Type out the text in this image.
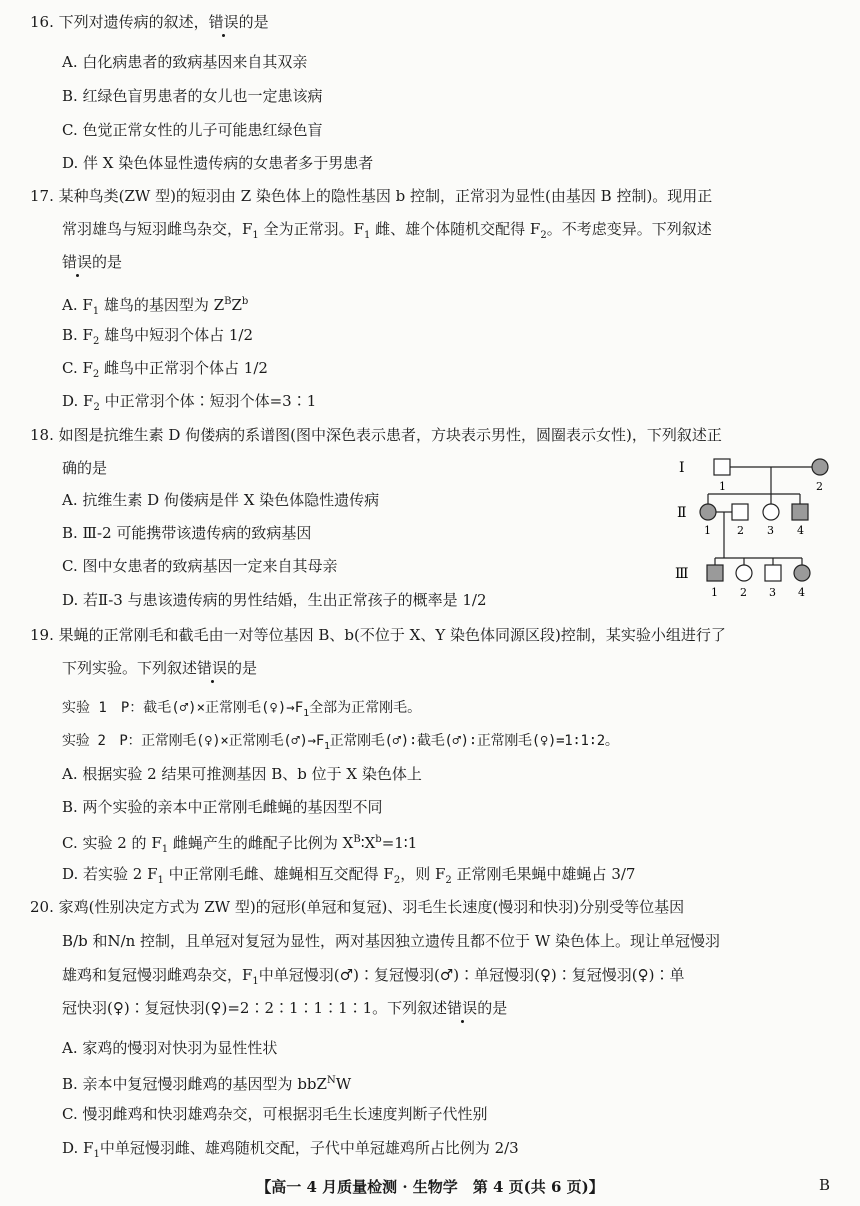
16. 下列对遗传病的叙述，错误的是
A. 白化病患者的致病基因来自其双亲
B. 红绿色盲男患者的女儿也一定患该病
C. 色觉正常女性的儿子可能患红绿色盲
D. 伴 X 染色体显性遗传病的女患者多于男患者
17. 某种鸟类(ZW 型)的短羽由 Z 染色体上的隐性基因 b 控制，正常羽为显性(由基因 B 控制)。现用正
常羽雄鸟与短羽雌鸟杂交，$F_1$ 全为正常羽。$F_1$ 雌、雄个体随机交配得 $F_2$。不考虑变异。下列叙述
错误的是
A. $F_1$ 雄鸟的基因型为 $Z^BZ^b$
B. $F_2$ 雄鸟中短羽个体占 1/2
C. $F_2$ 雌鸟中正常羽个体占 1/2
D. $F_2$ 中正常羽个体∶短羽个体=3∶1
18. 如图是抗维生素 D 佝偻病的系谱图(图中深色表示患者，方块表示男性，圆圈表示女性)，下列叙述正
确的是
A. 抗维生素 D 佝偻病是伴 X 染色体隐性遗传病
B. Ⅲ-2 可能携带该遗传病的致病基因
C. 图中女患者的致病基因一定来自其母亲
D. 若Ⅱ-3 与患该遗传病的男性结婚，生出正常孩子的概率是 1/2
Ⅰ
Ⅱ
Ⅲ
1	2
1 2 3 4
1 2 3 4
19. 果蝇的正常刚毛和截毛由一对等位基因 B、b(不位于 X、Y 染色体同源区段)控制，某实验小组进行了
下列实验。下列叙述错误的是
实验 1　P：截毛(♂)×正常刚毛$(♀)\to F_1$全部为正常刚毛。
实验 2　P：正常刚毛(♀)×正常刚毛$(♂)\to F_1$正常刚毛(♂)∶截毛(♂)∶正常刚毛(♀)=1∶1∶2。
A. 根据实验 2 结果可推测基因 B、b 位于 X 染色体上
B. 两个实验的亲本中正常刚毛雌蝇的基因型不同
C. 实验 2 的 $F_1$ 雌蝇产生的雌配子比例为 $X^B∶X^b=1∶1$
D. 若实验 2 $F_1$ 中正常刚毛雌、雄蝇相互交配得 $F_2$，则 $F_2$ 正常刚毛果蝇中雄蝇占 3/7
20. 家鸡(性别决定方式为 ZW 型)的冠形(单冠和复冠)、羽毛生长速度(慢羽和快羽)分别受等位基因
B/b 和N/n 控制，且单冠对复冠为显性，两对基因独立遗传且都不位于 W 染色体上。现让单冠慢羽
雄鸡和复冠慢羽雌鸡杂交，$F_1$中单冠慢羽(♂)∶复冠慢羽(♂)∶单冠慢羽(♀)∶复冠慢羽(♀)∶单
冠快羽(♀)∶复冠快羽(♀)=2∶2∶1∶1∶1∶1。下列叙述错误的是
A. 家鸡的慢羽对快羽为显性性状
B. 亲本中复冠慢羽雌鸡的基因型为 bbZ$^N$W
C. 慢羽雌鸡和快羽雄鸡杂交，可根据羽毛生长速度判断子代性别
D. $F_1$中单冠慢羽雌、雄鸡随机交配，子代中单冠雄鸡所占比例为 2/3
【高一 4 月质量检测 · 生物学　第 4 页(共 6 页)】	B
